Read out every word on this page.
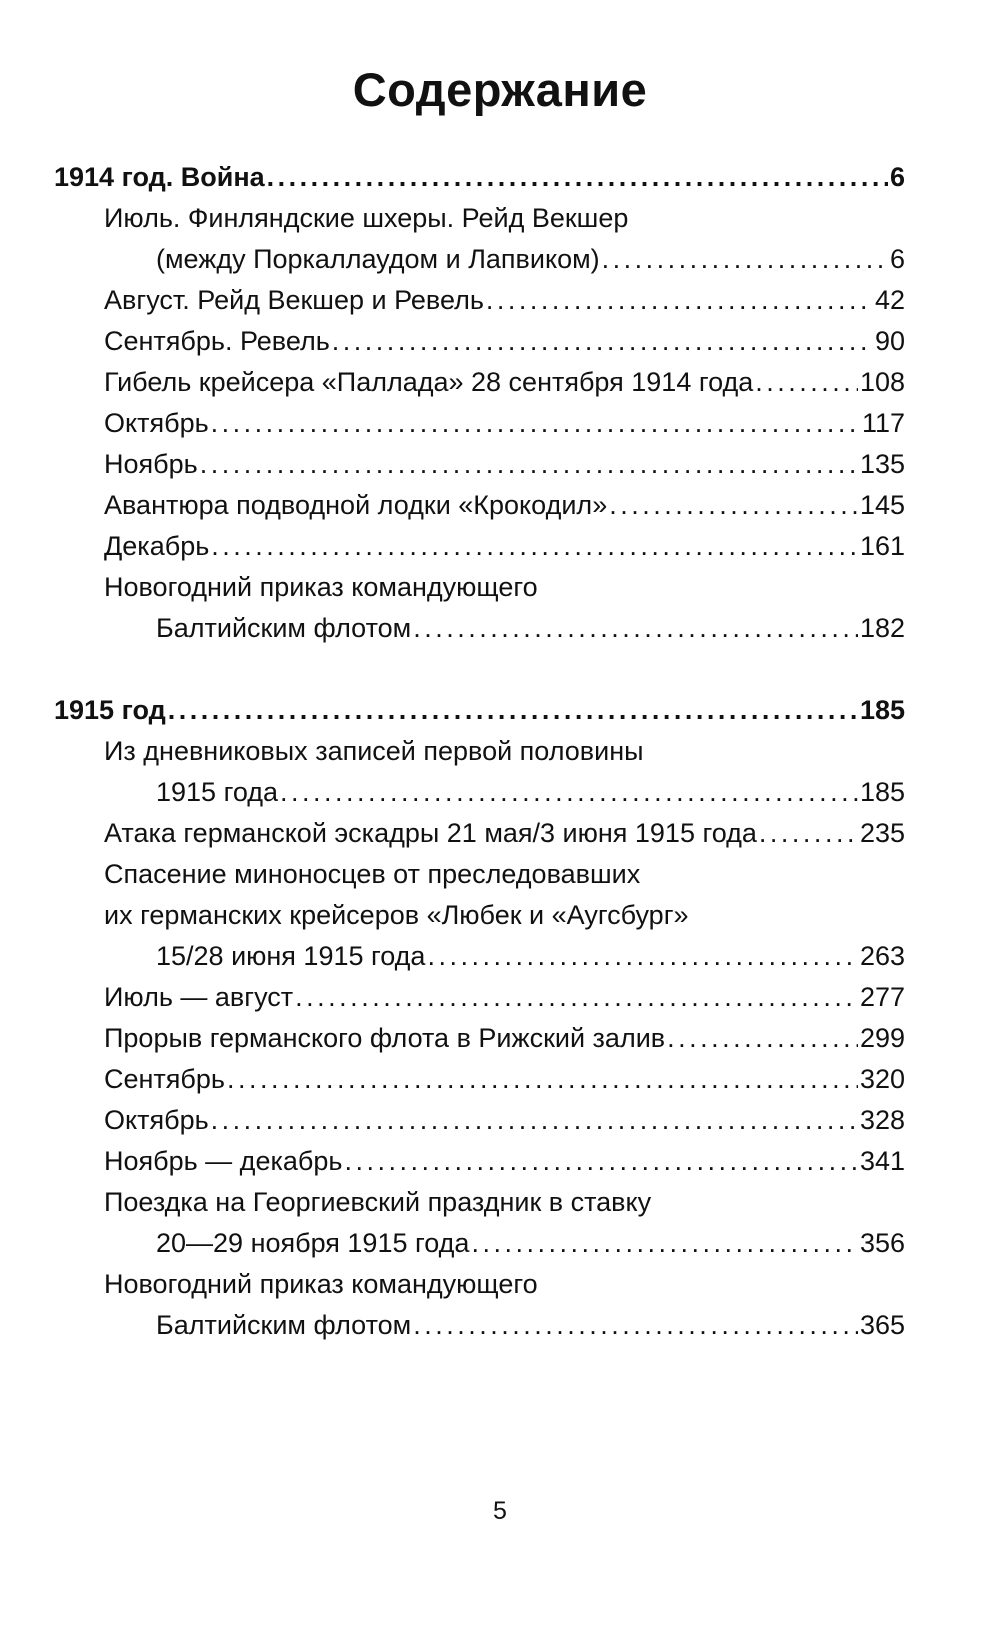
Содержание
1914 год. Война . . .	6
Июль. Финляндские шхеры. Рейд Векшер
(между Поркаллаудом и Лапвиком) . . .	6
Август. Рейд Векшер и Ревель . . .	42
Сентябрь. Ревель . . .	90
Гибель крейсера «Паллада» 28 сентября 1914 года . . .	108
Октябрь . . .	117
Ноябрь . . .	135
Авантюра подводной лодки «Крокодил» . . .	145
Декабрь . . .	161
Новогодний приказ командующего
Балтийским флотом . . .	182
1915 год . . .	185
Из дневниковых записей первой половины
1915 года . . .	185
Атака германской эскадры 21 мая/3 июня 1915 года . . .	235
Спасение миноносцев от преследовавших
их германских крейсеров «Любек и «Аугсбург»
15/28 июня 1915 года . . .	263
Июль — август . . .	277
Прорыв германского флота в Рижский залив . . .	299
Сентябрь . . .	320
Октябрь . . .	328
Ноябрь — декабрь . . .	341
Поездка на Георгиевский праздник в ставку
20—29 ноября 1915 года . . .	356
Новогодний приказ командующего
Балтийским флотом . . .	365
5
